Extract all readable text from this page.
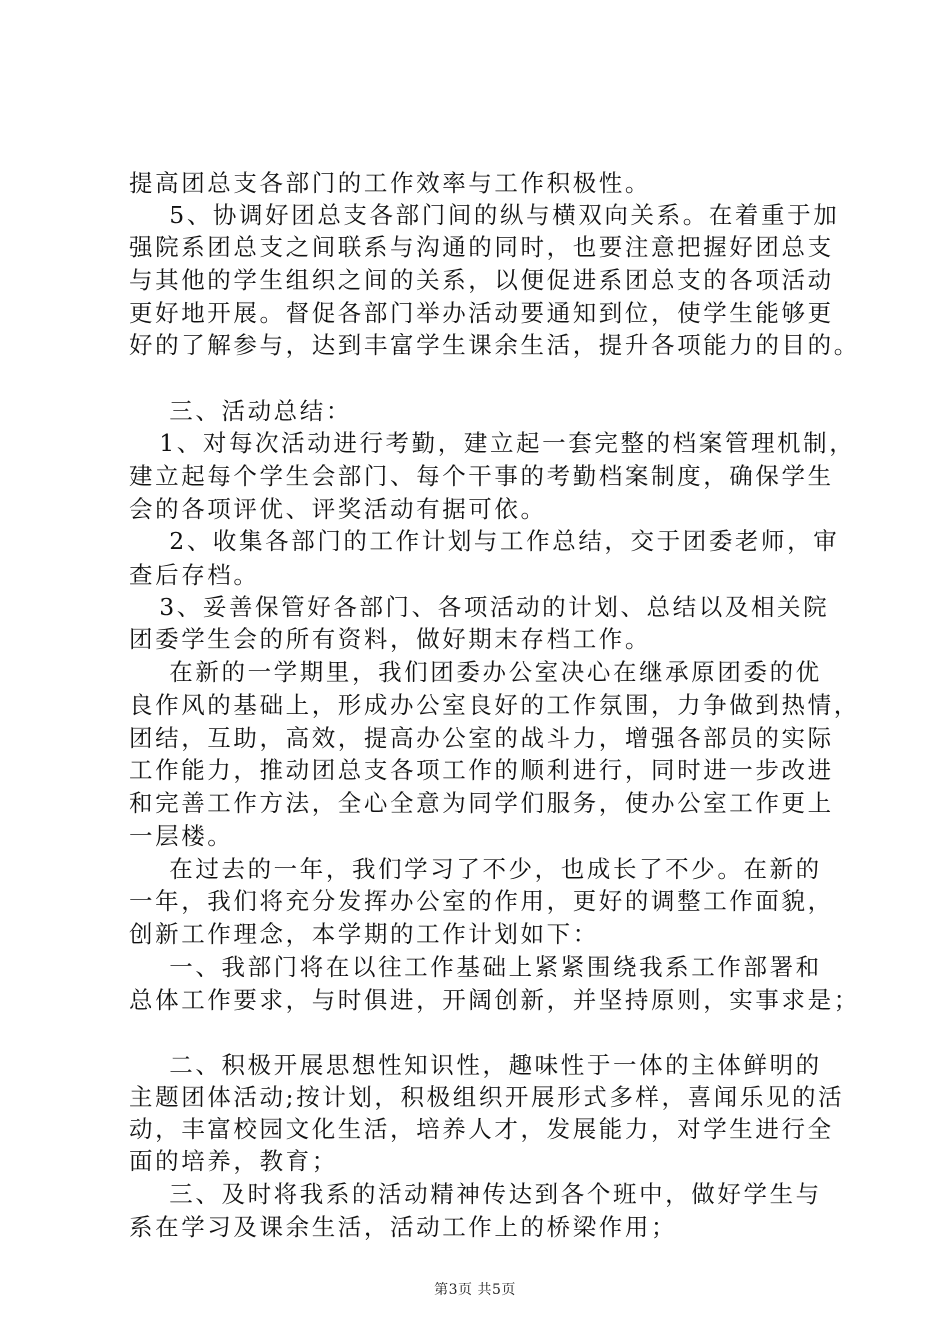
提高团总支各部门的工作效率与工作积极性。
5、协调好团总支各部门间的纵与横双向关系。在着重于加
强院系团总支之间联系与沟通的同时，也要注意把握好团总支
与其他的学生组织之间的关系，以便促进系团总支的各项活动
更好地开展。督促各部门举办活动要通知到位，使学生能够更
好的了解参与，达到丰富学生课余生活，提升各项能力的目的。
三、活动总结：
1、对每次活动进行考勤，建立起一套完整的档案管理机制，
建立起每个学生会部门、每个干事的考勤档案制度，确保学生
会的各项评优、评奖活动有据可依。
2、收集各部门的工作计划与工作总结，交于团委老师，审
查后存档。
3、妥善保管好各部门、各项活动的计划、总结以及相关院
团委学生会的所有资料，做好期末存档工作。
在新的一学期里，我们团委办公室决心在继承原团委的优
良作风的基础上，形成办公室良好的工作氛围，力争做到热情，
团结，互助，高效，提高办公室的战斗力，增强各部员的实际
工作能力，推动团总支各项工作的顺利进行，同时进一步改进
和完善工作方法，全心全意为同学们服务，使办公室工作更上
一层楼。
在过去的一年，我们学习了不少，也成长了不少。在新的
一年，我们将充分发挥办公室的作用，更好的调整工作面貌，
创新工作理念，本学期的工作计划如下：
一、我部门将在以往工作基础上紧紧围绕我系工作部署和
总体工作要求，与时俱进，开阔创新，并坚持原则，实事求是；
二、积极开展思想性知识性，趣味性于一体的主体鲜明的
主题团体活动;按计划，积极组织开展形式多样，喜闻乐见的活
动，丰富校园文化生活，培养人才，发展能力，对学生进行全
面的培养，教育；
三、及时将我系的活动精神传达到各个班中，做好学生与
系在学习及课余生活，活动工作上的桥梁作用；
第3页 共5页
